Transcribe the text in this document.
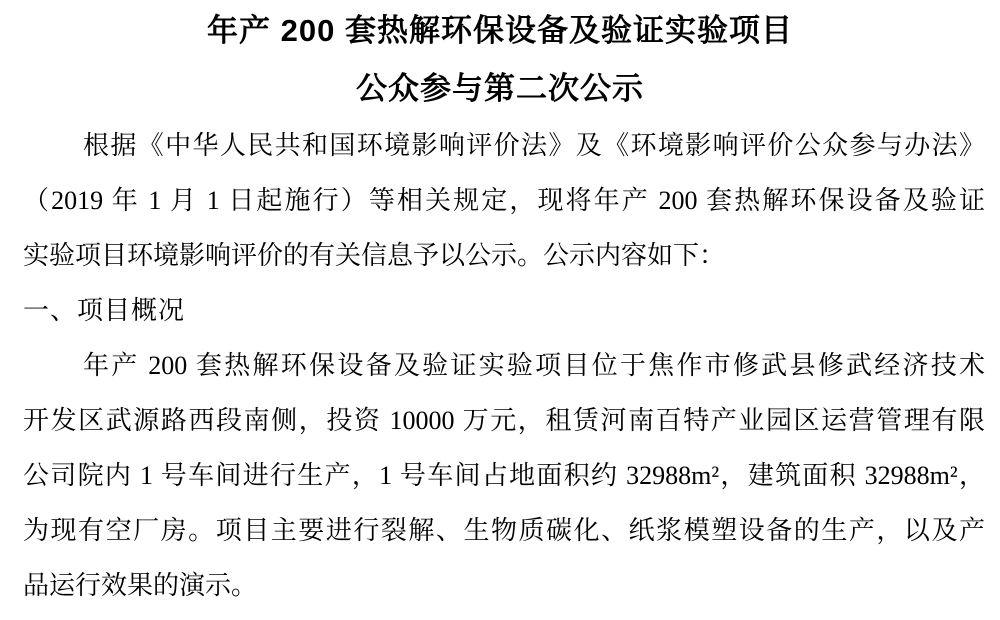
年产 200 套热解环保设备及验证实验项目
公众参与第二次公示
根据《中华人民共和国环境影响评价法》及《环境影响评价公众参与办法》
（2019 年 1 月 1 日起施行）等相关规定，现将年产 200 套热解环保设备及验证
实验项目环境影响评价的有关信息予以公示。公示内容如下：
一、项目概况
年产 200 套热解环保设备及验证实验项目位于焦作市修武县修武经济技术
开发区武源路西段南侧，投资 10000 万元，租赁河南百特产业园区运营管理有限
公司院内 1 号车间进行生产，1 号车间占地面积约 32988m²，建筑面积 32988m²，
为现有空厂房。项目主要进行裂解、生物质碳化、纸浆模塑设备的生产，以及产
品运行效果的演示。
